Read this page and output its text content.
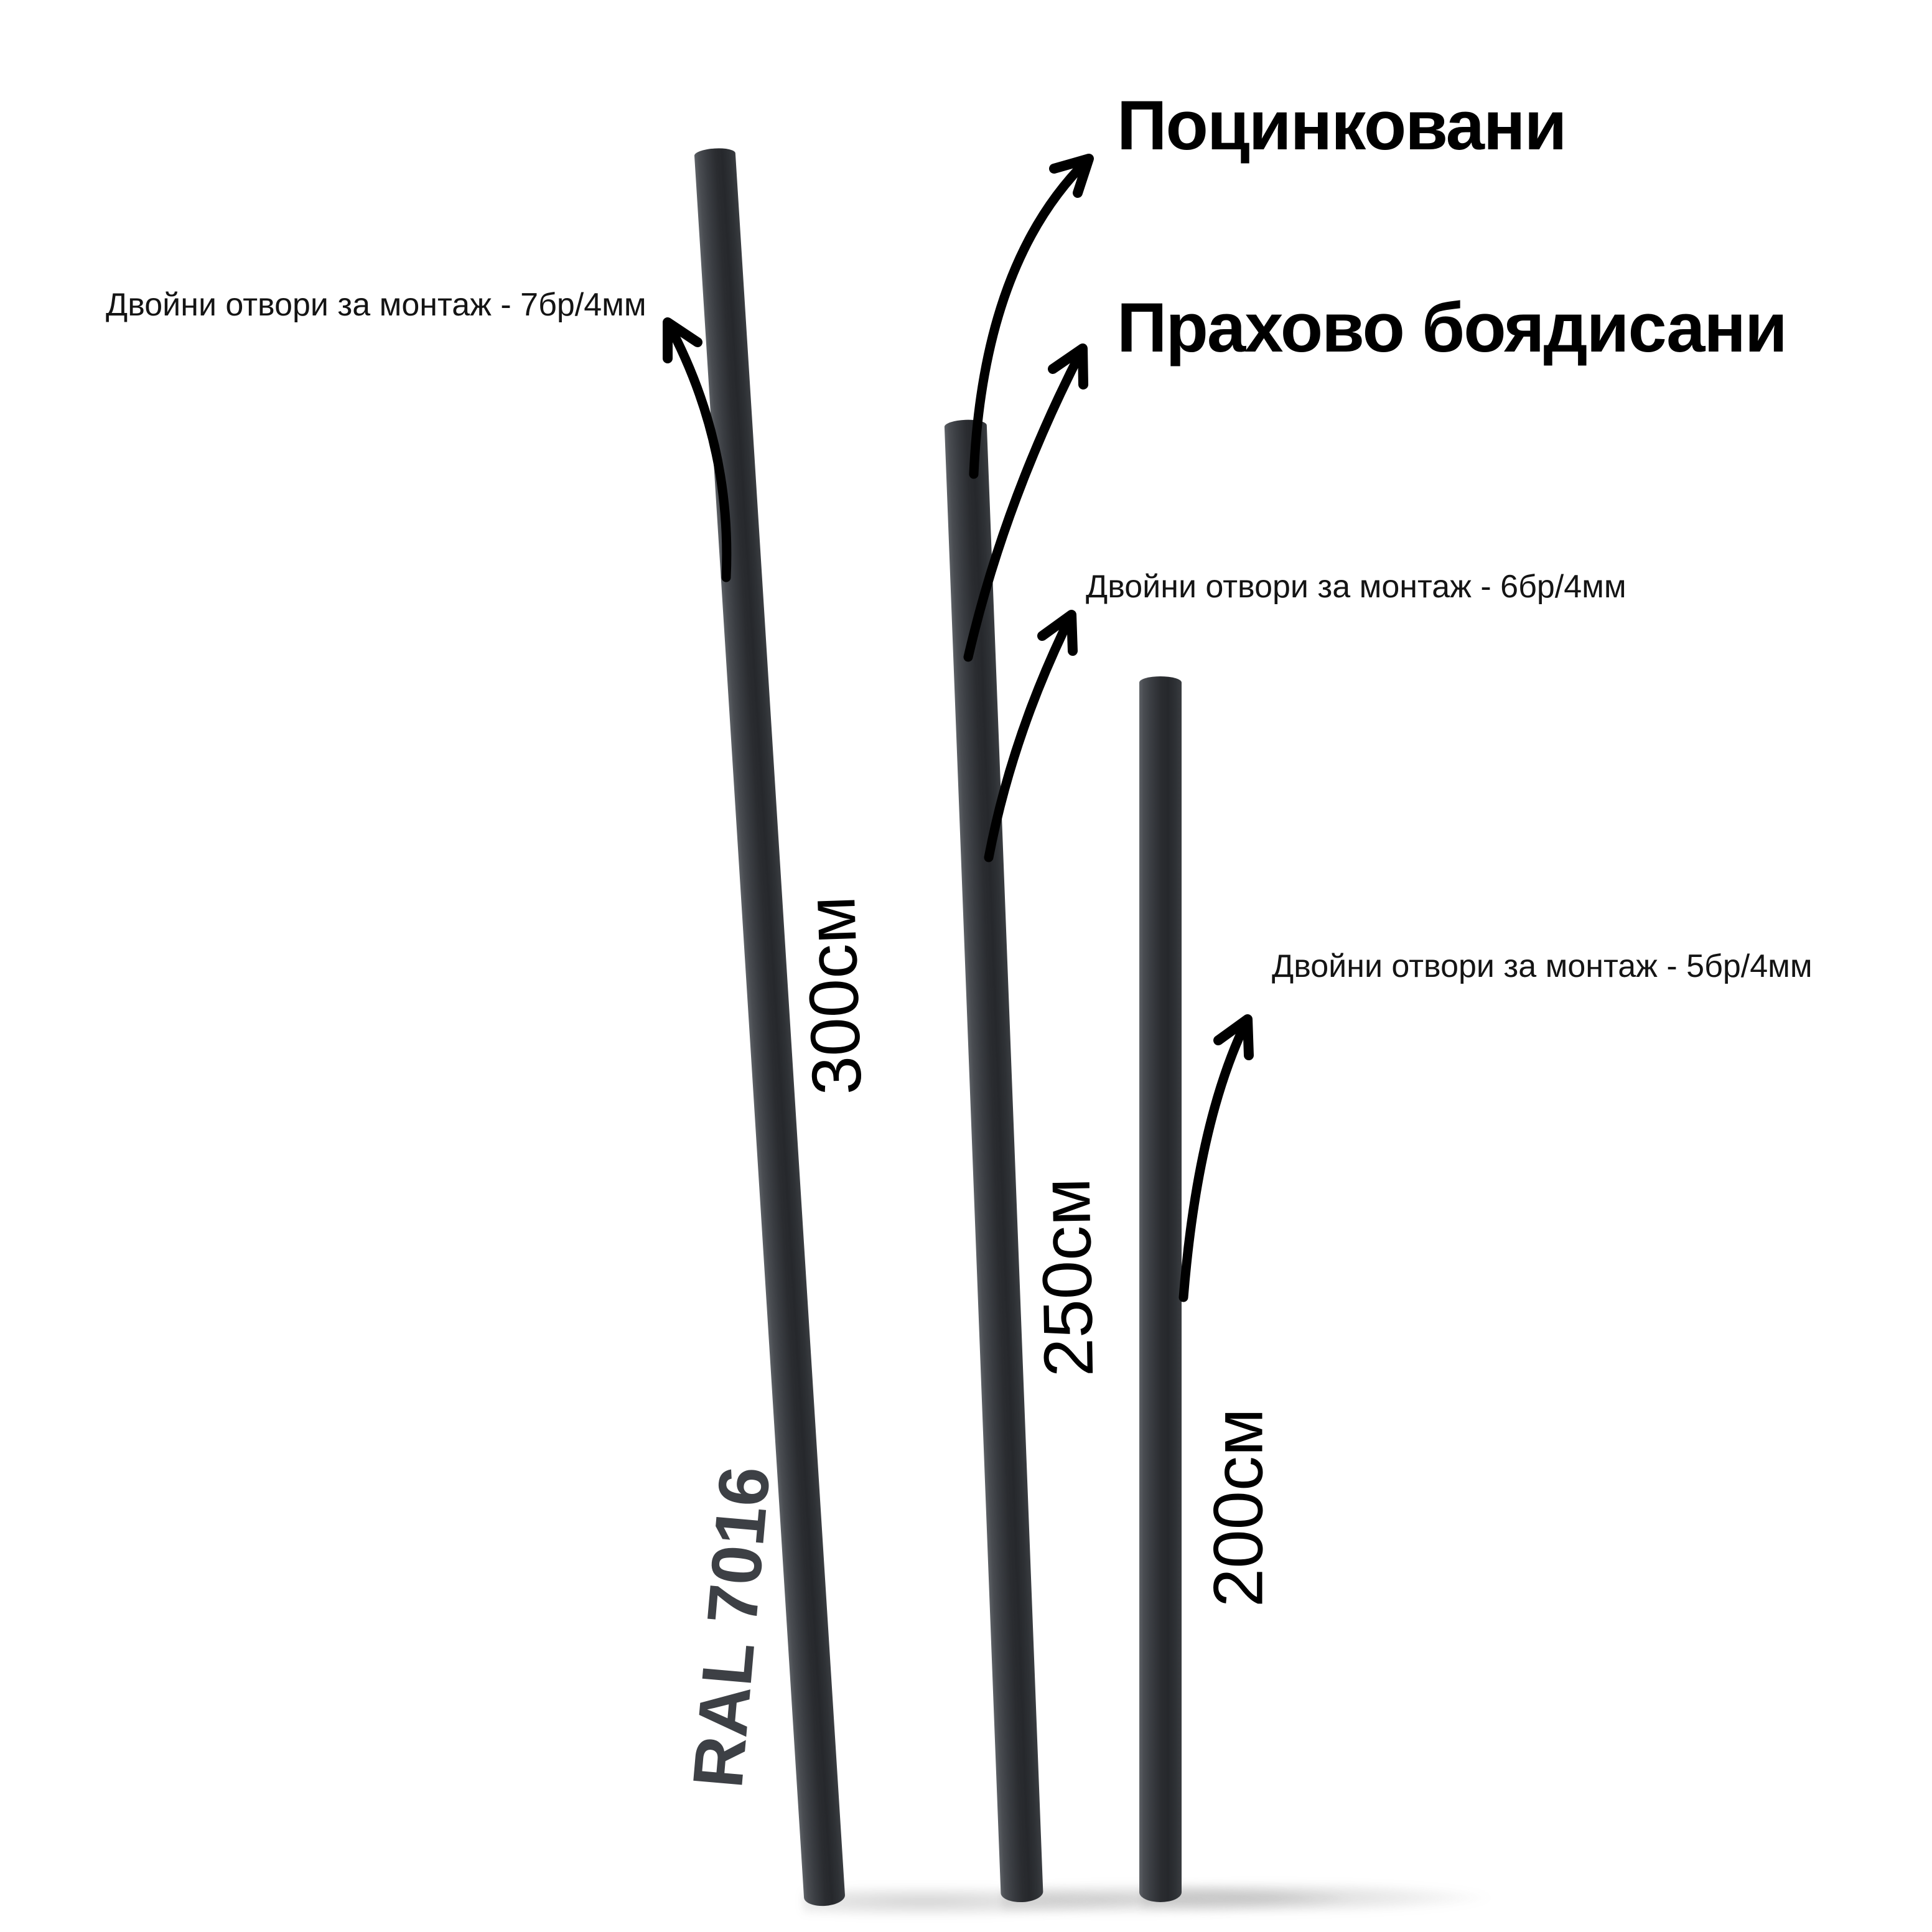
Поцинковани
Прахово боядисани
Двойни отвори за монтаж - 7бр/4мм
Двойни отвори за монтаж - 6бр/4мм
Двойни отвори за монтаж - 5бр/4мм
300см
250см
200см
RAL 7016
